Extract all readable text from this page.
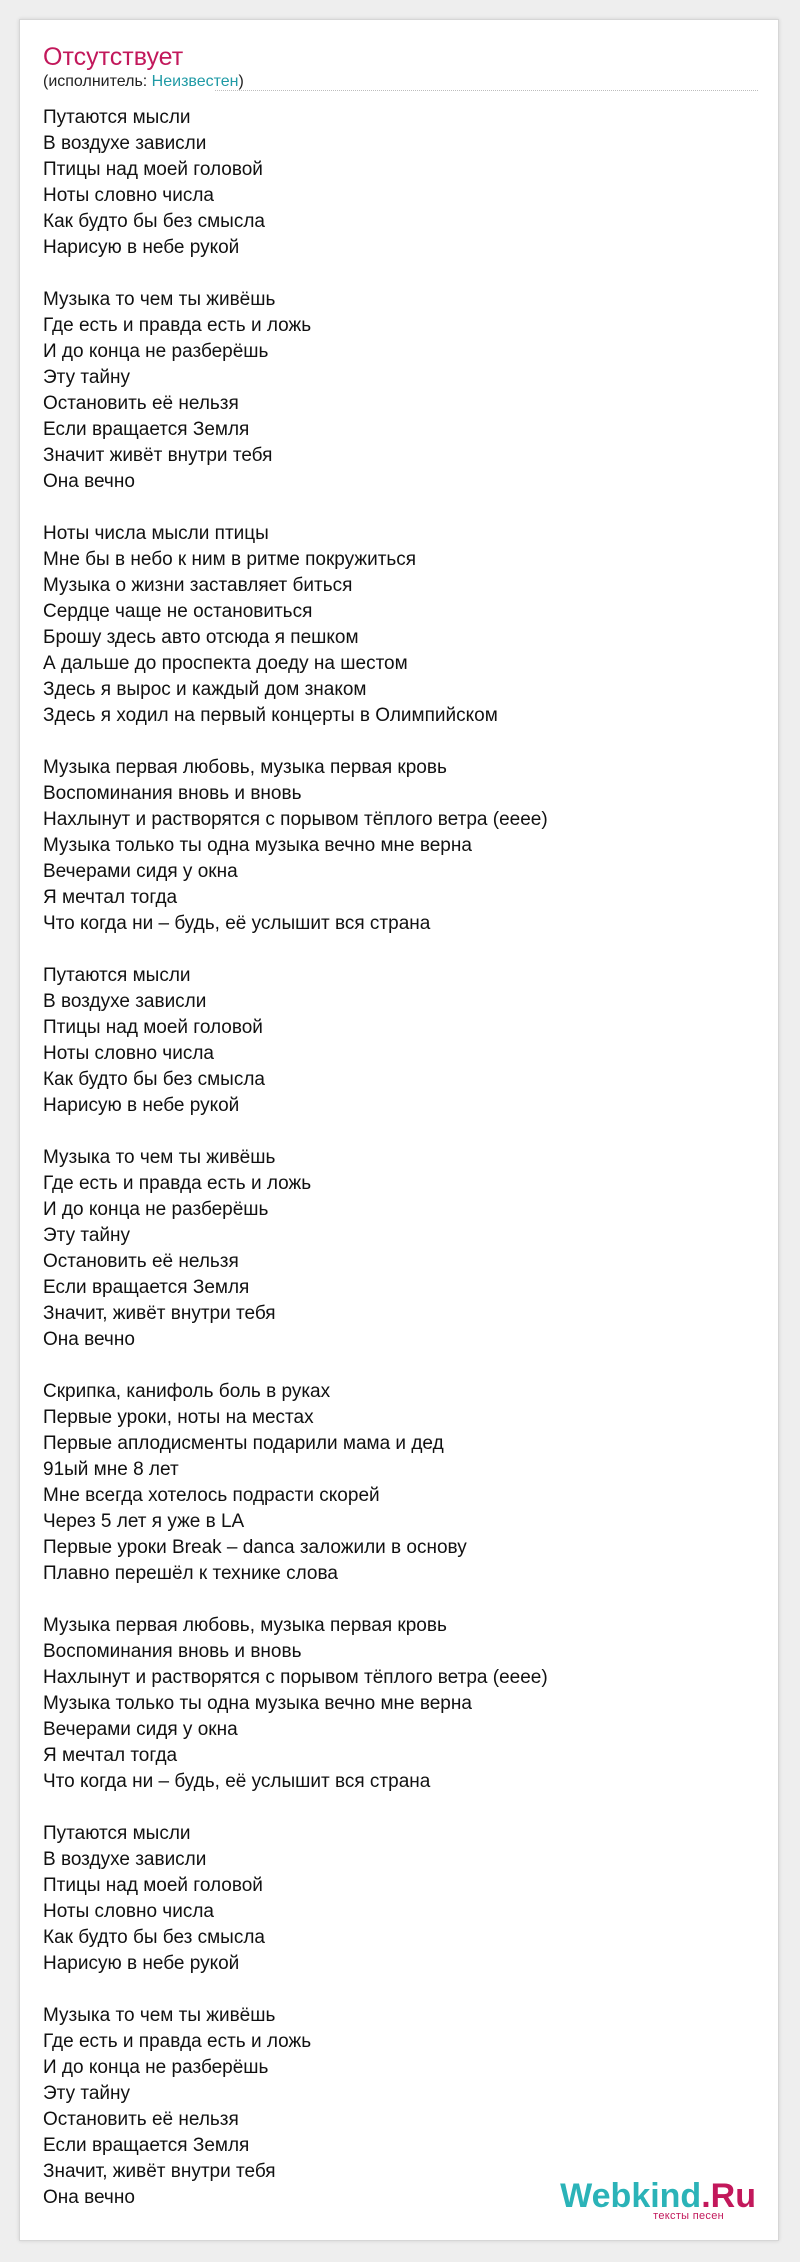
Отсутствует
(исполнитель: Неизвестен)
Путаются мысли
В воздухе зависли
Птицы над моей головой
Ноты словно числа
Как будто бы без смысла
Нарисую в небе рукой
Музыка то чем ты живёшь
Где есть и правда есть и ложь
И до конца не разберёшь
Эту тайну
Остановить её нельзя
Если вращается Земля
Значит живёт внутри тебя
Она вечно
Ноты числа мысли птицы
Мне бы в небо к ним в ритме покружиться
Музыка о жизни заставляет биться
Сердце чаще не остановиться
Брошу здесь авто отсюда я пешком
А дальше до проспекта доеду на шестом
Здесь я вырос и каждый дом знаком
Здесь я ходил на первый концерты в Олимпийском
Музыка первая любовь, музыка первая кровь
Воспоминания вновь и вновь
Нахлынут и растворятся с порывом тёплого ветра (ееее)
Музыка только ты одна музыка вечно мне верна
Вечерами сидя у окна
Я мечтал тогда
Что когда ни – будь, её услышит вся страна
Путаются мысли
В воздухе зависли
Птицы над моей головой
Ноты словно числа
Как будто бы без смысла
Нарисую в небе рукой
Музыка то чем ты живёшь
Где есть и правда есть и ложь
И до конца не разберёшь
Эту тайну
Остановить её нельзя
Если вращается Земля
Значит, живёт внутри тебя
Она вечно
Скрипка, канифоль боль в руках
Первые уроки, ноты на местах
Первые аплодисменты подарили мама и дед
91ый мне 8 лет
Мне всегда хотелось подрасти скорей
Через 5 лет я уже в LA
Первые уроки Break – danca заложили в основу
Плавно перешёл к технике слова
Музыка первая любовь, музыка первая кровь
Воспоминания вновь и вновь
Нахлынут и растворятся с порывом тёплого ветра (ееее)
Музыка только ты одна музыка вечно мне верна
Вечерами сидя у окна
Я мечтал тогда
Что когда ни – будь, её услышит вся страна
Путаются мысли
В воздухе зависли
Птицы над моей головой
Ноты словно числа
Как будто бы без смысла
Нарисую в небе рукой
Музыка то чем ты живёшь
Где есть и правда есть и ложь
И до конца не разберёшь
Эту тайну
Остановить её нельзя
Если вращается Земля
Значит, живёт внутри тебя
Она вечно	Webkind.Ru
тексты песен
